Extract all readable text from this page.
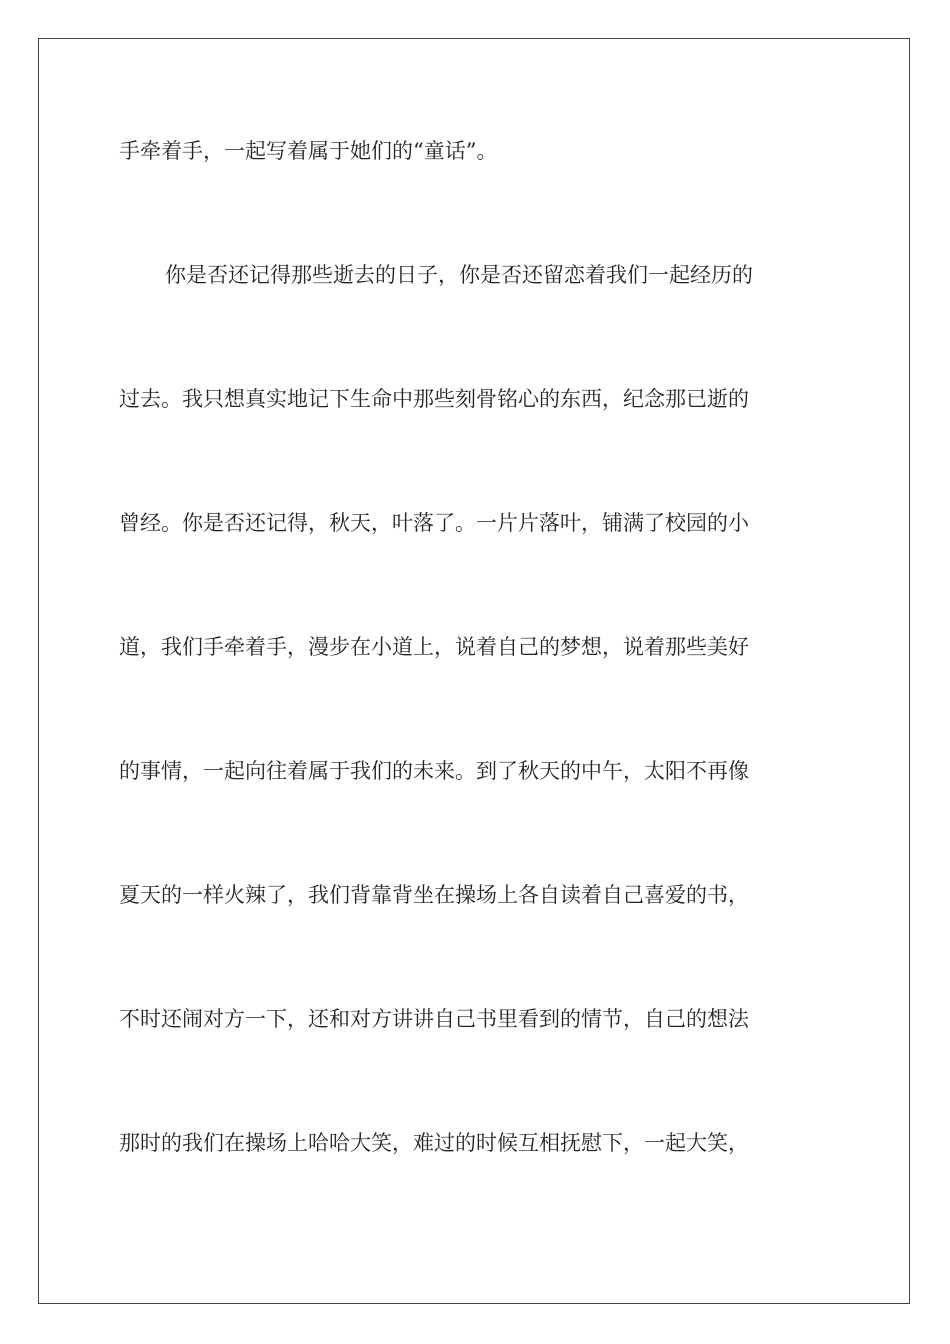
手牵着手，一起写着属于她们的“童话”。
你是否还记得那些逝去的日子，你是否还留恋着我们一起经历的
过去。我只想真实地记下生命中那些刻骨铭心的东西，纪念那已逝的
曾经。你是否还记得，秋天，叶落了。一片片落叶，铺满了校园的小
道，我们手牵着手，漫步在小道上，说着自己的梦想，说着那些美好
的事情，一起向往着属于我们的未来。到了秋天的中午，太阳不再像
夏天的一样火辣了，我们背靠背坐在操场上各自读着自己喜爱的书，
不时还闹对方一下，还和对方讲讲自己书里看到的情节，自己的想法
那时的我们在操场上哈哈大笑，难过的时候互相抚慰下，一起大笑，
